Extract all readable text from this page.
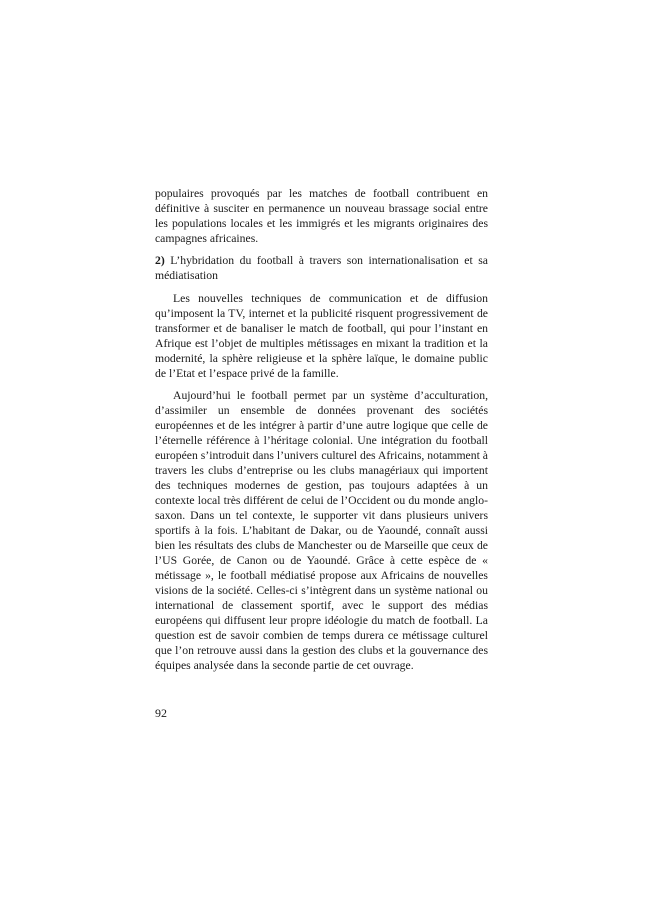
populaires provoqués par les matches de football contribuent en définitive à susciter en permanence un nouveau brassage social entre les populations locales et les immigrés et les migrants originaires des campagnes africaines.

2) L’hybridation du football à travers son internationalisation et sa médiatisation

Les nouvelles techniques de communication et de diffusion qu’imposent la TV, internet et la publicité risquent progressivement de transformer et de banaliser le match de football, qui pour l’instant en Afrique est l’objet de multiples métissages en mixant la tradition et la modernité, la sphère religieuse et la sphère laïque, le domaine public de l’Etat et l’espace privé de la famille.

Aujourd’hui le football permet par un système d’acculturation, d’assimiler un ensemble de données provenant des sociétés européennes et de les intégrer à partir d’une autre logique que celle de l’éternelle référence à l’héritage colonial. Une intégration du football européen s’introduit dans l’univers culturel des Africains, notamment à travers les clubs d’entreprise ou les clubs managériaux qui importent des techniques modernes de gestion, pas toujours adaptées à un contexte local très différent de celui de l’Occident ou du monde anglo-saxon. Dans un tel contexte, le supporter vit dans plusieurs univers sportifs à la fois. L’habitant de Dakar, ou de Yaoundé, connaît aussi bien les résultats des clubs de Manchester ou de Marseille que ceux de l’US Gorée, de Canon ou de Yaoundé. Grâce à cette espèce de « métissage », le football médiatisé propose aux Africains de nouvelles visions de la société. Celles-ci s’intègrent dans un système national ou international de classement sportif, avec le support des médias européens qui diffusent leur propre idéologie du match de football. La question est de savoir combien de temps durera ce métissage culturel que l’on retrouve aussi dans la gestion des clubs et la gouvernance des équipes analysée dans la seconde partie de cet ouvrage.

92
